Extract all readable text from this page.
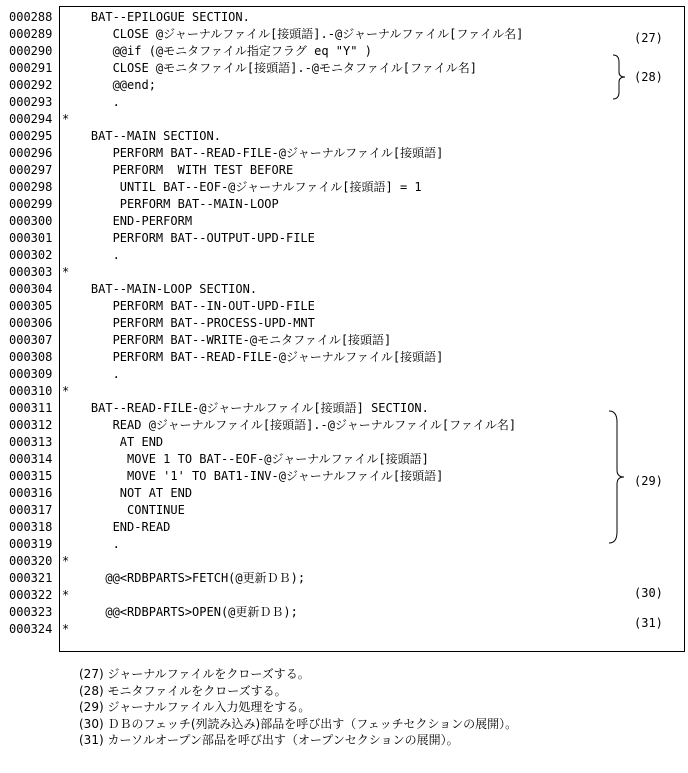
000288 BAT--EPILOGUE SECTION.
000289 CLOSE @ジャーナルファイル[接頭語].-@ジャーナルファイル[ファイル名]
000290 @@if (@モニタファイル指定フラグ eq "Y" )
000291 CLOSE @モニタファイル[接頭語].-@モニタファイル[ファイル名]
000292 @@end;
000293 .
000294 *
000295 BAT--MAIN SECTION.
000296 PERFORM BAT--READ-FILE-@ジャーナルファイル[接頭語]
000297 PERFORM  WITH TEST BEFORE
000298 UNTIL BAT--EOF-@ジャーナルファイル[接頭語] = 1
000299 PERFORM BAT--MAIN-LOOP
000300 END-PERFORM
000301 PERFORM BAT--OUTPUT-UPD-FILE
000302 .
000303 *
000304 BAT--MAIN-LOOP SECTION.
000305 PERFORM BAT--IN-OUT-UPD-FILE
000306 PERFORM BAT--PROCESS-UPD-MNT
000307 PERFORM BAT--WRITE-@モニタファイル[接頭語]
000308 PERFORM BAT--READ-FILE-@ジャーナルファイル[接頭語]
000309 .
000310 *
000311 BAT--READ-FILE-@ジャーナルファイル[接頭語] SECTION.
000312 READ @ジャーナルファイル[接頭語].-@ジャーナルファイル[ファイル名]
000313 AT END
000314 MOVE 1 TO BAT--EOF-@ジャーナルファイル[接頭語]
000315 MOVE '1' TO BAT1-INV-@ジャーナルファイル[接頭語]
000316 NOT AT END
000317 CONTINUE
000318 END-READ
000319 .
000320 *
000321 @@<RDBPARTS>FETCH(@更新ＤＢ);
000322 *
000323 @@<RDBPARTS>OPEN(@更新ＤＢ);
000324 *
(27)
(28)
(29)
(30)
(31)
(27) ジャーナルファイルをクローズする。
(28) モニタファイルをクローズする。
(29) ジャーナルファイル入力処理をする。
(30) ＤＢのフェッチ(列読み込み)部品を呼び出す（フェッチセクションの展開）。
(31) カーソルオープン部品を呼び出す（オープンセクションの展開）。
